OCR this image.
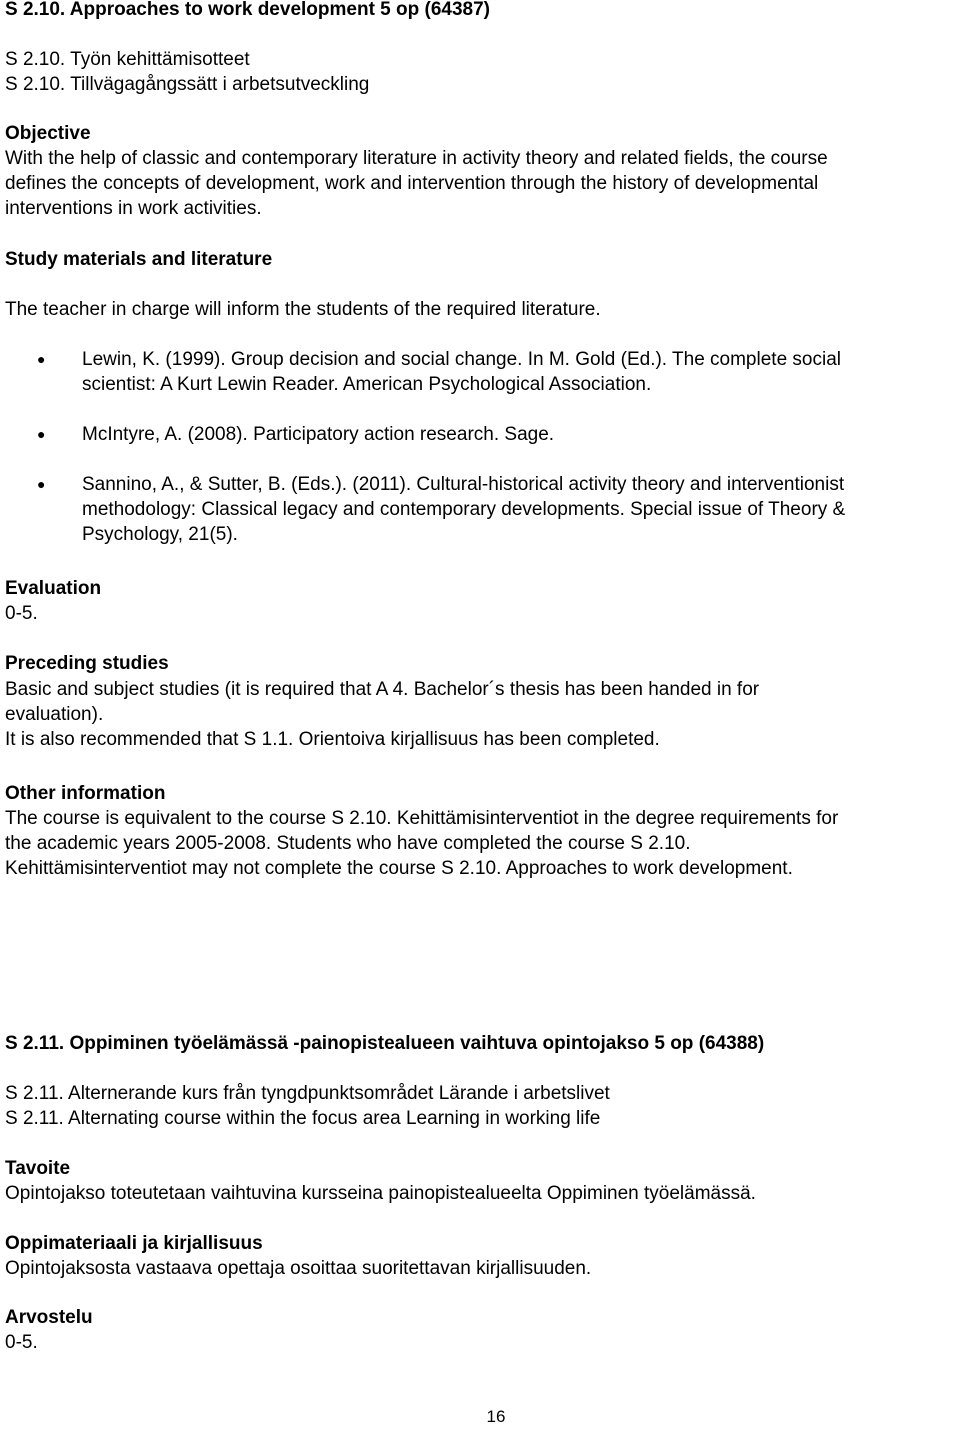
S 2.10. Approaches to work development 5 op (64387)
S 2.10. Työn kehittämisotteet
S 2.10. Tillvägagångssätt i arbetsutveckling
Objective
With the help of classic and contemporary literature in activity theory and related fields, the course
defines the concepts of development, work and intervention through the history of developmental
interventions in work activities.
Study materials and literature
The teacher in charge will inform the students of the required literature.
● Lewin, K. (1999). Group decision and social change. In M. Gold (Ed.). The complete social
scientist: A Kurt Lewin Reader. American Psychological Association.
● McIntyre, A. (2008). Participatory action research. Sage.
● Sannino, A., & Sutter, B. (Eds.). (2011). Cultural-historical activity theory and interventionist
methodology: Classical legacy and contemporary developments. Special issue of Theory &
Psychology, 21(5).
Evaluation
0-5.
Preceding studies
Basic and subject studies (it is required that A 4. Bachelor´s thesis has been handed in for
evaluation).
It is also recommended that S 1.1. Orientoiva kirjallisuus has been completed.
Other information
The course is equivalent to the course S 2.10. Kehittämisinterventiot in the degree requirements for
the academic years 2005-2008. Students who have completed the course S 2.10.
Kehittämisinterventiot may not complete the course S 2.10. Approaches to work development.
S 2.11. Oppiminen työelämässä -painopistealueen vaihtuva opintojakso 5 op (64388)
S 2.11. Alternerande kurs från tyngdpunktsområdet Lärande i arbetslivet
S 2.11. Alternating course within the focus area Learning in working life
Tavoite
Opintojakso toteutetaan vaihtuvina kursseina painopistealueelta Oppiminen työelämässä.
Oppimateriaali ja kirjallisuus
Opintojaksosta vastaava opettaja osoittaa suoritettavan kirjallisuuden.
Arvostelu
0-5.
16
